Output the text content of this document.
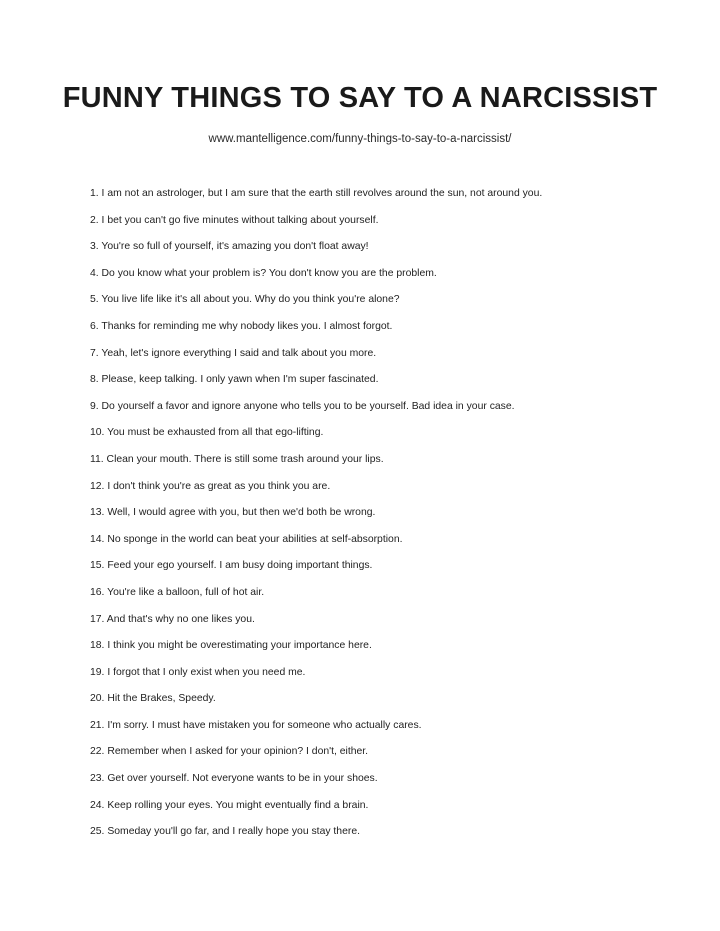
FUNNY THINGS TO SAY TO A NARCISSIST
www.mantelligence.com/funny-things-to-say-to-a-narcissist/
1. I am not an astrologer, but I am sure that the earth still revolves around the sun, not around you.
2. I bet you can't go five minutes without talking about yourself.
3. You're so full of yourself, it's amazing you don't float away!
4. Do you know what your problem is? You don't know you are the problem.
5. You live life like it's all about you. Why do you think you're alone?
6. Thanks for reminding me why nobody likes you. I almost forgot.
7. Yeah, let's ignore everything I said and talk about you more.
8. Please, keep talking. I only yawn when I'm super fascinated.
9. Do yourself a favor and ignore anyone who tells you to be yourself. Bad idea in your case.
10. You must be exhausted from all that ego-lifting.
11. Clean your mouth. There is still some trash around your lips.
12. I don't think you're as great as you think you are.
13. Well, I would agree with you, but then we'd both be wrong.
14. No sponge in the world can beat your abilities at self-absorption.
15. Feed your ego yourself. I am busy doing important things.
16. You're like a balloon, full of hot air.
17. And that's why no one likes you.
18. I think you might be overestimating your importance here.
19. I forgot that I only exist when you need me.
20. Hit the Brakes, Speedy.
21. I'm sorry. I must have mistaken you for someone who actually cares.
22. Remember when I asked for your opinion? I don't, either.
23. Get over yourself. Not everyone wants to be in your shoes.
24. Keep rolling your eyes. You might eventually find a brain.
25. Someday you'll go far, and I really hope you stay there.
